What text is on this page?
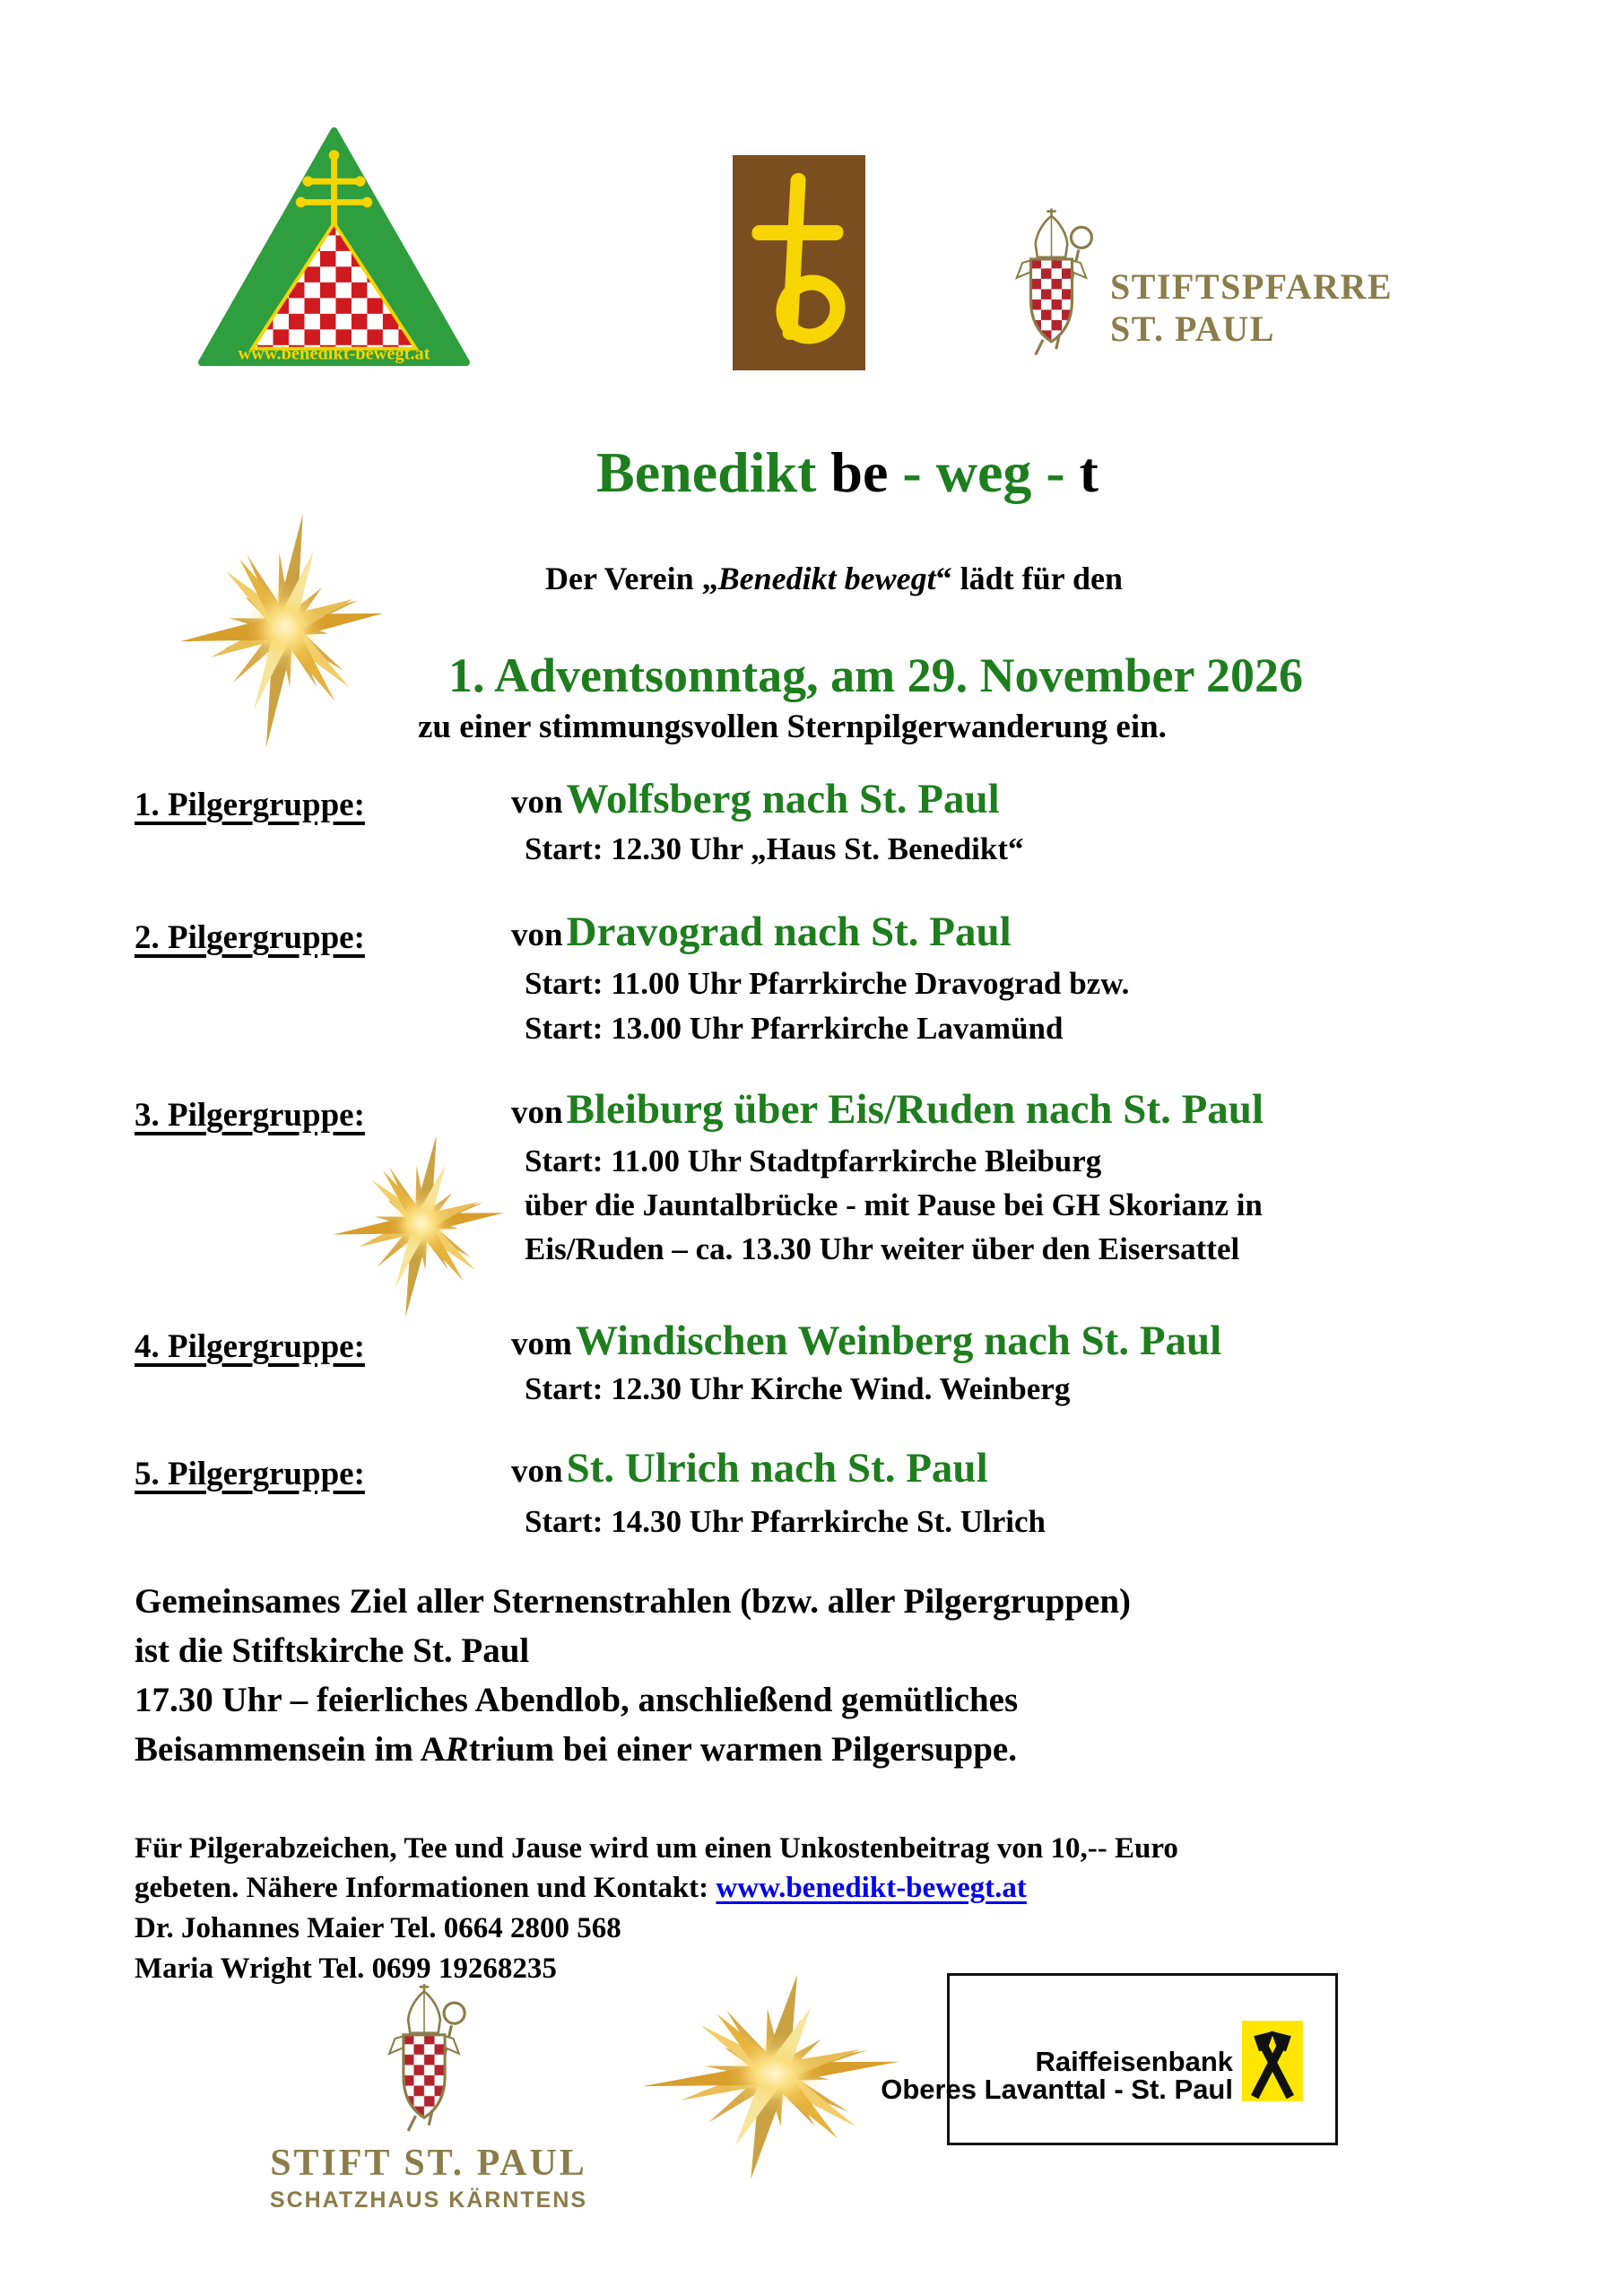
www.benedikt-bewegt.at
STIFTSPFARRE
ST. PAUL
Benedikt be - weg - t
Der Verein „Benedikt bewegt“ lädt für den
1. Adventsonntag, am 29. November 2026
zu einer stimmungsvollen Sternpilgerwanderung ein.
1. Pilgergruppe:	von Wolfsberg nach St. Paul
Start: 12.30 Uhr „Haus St. Benedikt“
2. Pilgergruppe:	von Dravograd nach St. Paul
Start: 11.00 Uhr Pfarrkirche Dravograd bzw.
Start: 13.00 Uhr Pfarrkirche Lavamünd
3. Pilgergruppe:	von Bleiburg über Eis/Ruden nach St. Paul
Start: 11.00 Uhr Stadtpfarrkirche Bleiburg
über die Jauntalbrücke - mit Pause bei GH Skorianz in
Eis/Ruden – ca. 13.30 Uhr weiter über den Eisersattel
4. Pilgergruppe:	vom Windischen Weinberg nach St. Paul
Start: 12.30 Uhr Kirche Wind. Weinberg
5. Pilgergruppe:	von St. Ulrich nach St. Paul
Start: 14.30 Uhr Pfarrkirche St. Ulrich
Gemeinsames Ziel aller Sternenstrahlen (bzw. aller Pilgergruppen)
ist die Stiftskirche St. Paul
17.30 Uhr – feierliches Abendlob, anschließend gemütliches
Beisammensein im ARtrium bei einer warmen Pilgersuppe.
Für Pilgerabzeichen, Tee und Jause wird um einen Unkostenbeitrag von 10,-- Euro
gebeten. Nähere Informationen und Kontakt: www.benedikt-bewegt.at
Dr. Johannes Maier Tel. 0664 2800 568
Maria Wright Tel. 0699 19268235
STIFT ST. PAUL
SCHATZHAUS KÄRNTENS
Raiffeisenbank
Oberes Lavanttal - St. Paul
